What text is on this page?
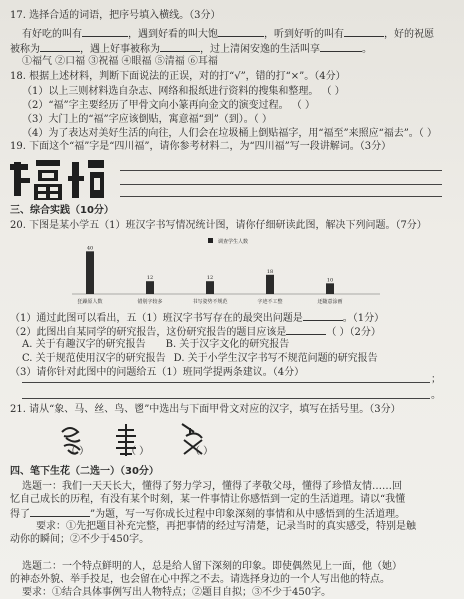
17. 选择合适的词语，把序号填入横线。（3分）
有好吃的叫有	，遇到好看的叫大饱	，听到好听的叫有	，好的祝愿
被称为	，遇上好事被称为	，过上清闲安逸的生活叫享	。
①福气 ②口福 ③祝福 ④眼福 ⑤清福 ⑥耳福
18. 根据上述材料，判断下面说法的正误，对的打“√”，错的打“×”。（4分）
（1）以上三则材料选自杂志、网络和报纸进行资料的搜集和整理。 （ ）
（2）“福”字主要经历了甲骨文向小篆再向金文的演变过程。 （ ）
（3）大门上的“福”字应该倒贴，寓意福“到”（到）。（ ）
（4）为了表达对美好生活的向往，人们会在垃圾桶上倒贴福字，用“福至”来照应“福去”。（ ）
19. 下面这个“福”字是“四川福”，请你参考材料二，为“四川福”写一段讲解词。（3分）
三、综合实践（10分）
20. 下图是某小学五（1）班汉字书写情况统计图，请你仔细研读此图，解决下列问题。（7分）
调查学生人数
40
狂躁原人数
12
错别字较多
12
书写姿势不规范
18
字迹不工整
10
还随意涂画
（1）通过此图可以看出，五（1）班汉字书写存在的最突出问题是	。（1分）
（2）此图出自某同学的研究报告，这份研究报告的题目应该是	（ ）（2分）
A. 关于有趣汉字的研究报告 B. 关于汉字文化的研究报告
C. 关于规范使用汉字的研究报告 D. 关于小学生汉字书写不规范问题的研究报告
（3）请你针对此图中的问题给五（1）班同学提两条建议。（4分）
；
。
21. 请从“象、马、丝、鸟、鬯”中选出与下面甲骨文对应的汉字，填写在括号里。（3分）
（ ）	（ ）	（ ）
四、笔下生花（二选一）（30分）
选题一：我们一天天长大，懂得了努力学习，懂得了孝敬父母，懂得了珍惜友情……回
忆自己成长的历程，有没有某个时刻，某一件事情让你感悟到一定的生活道理。请以“我懂
得了	”为题，写一写你成长过程中印象深刻的事情和从中感悟到的生活道理。
要求：①先把题目补充完整，再把事情的经过写清楚，记录当时的真实感受，特别是触
动你的瞬间；②不少于450字。
选题二：一个特点鲜明的人，总是给人留下深刻的印象。即使偶然见上一面，他（她）
的神态外貌、举手投足，也会留在心中挥之不去。请选择身边的一个人写出他的特点。
要求：①结合具体事例写出人物特点；②题目自拟；③不少于450字。
